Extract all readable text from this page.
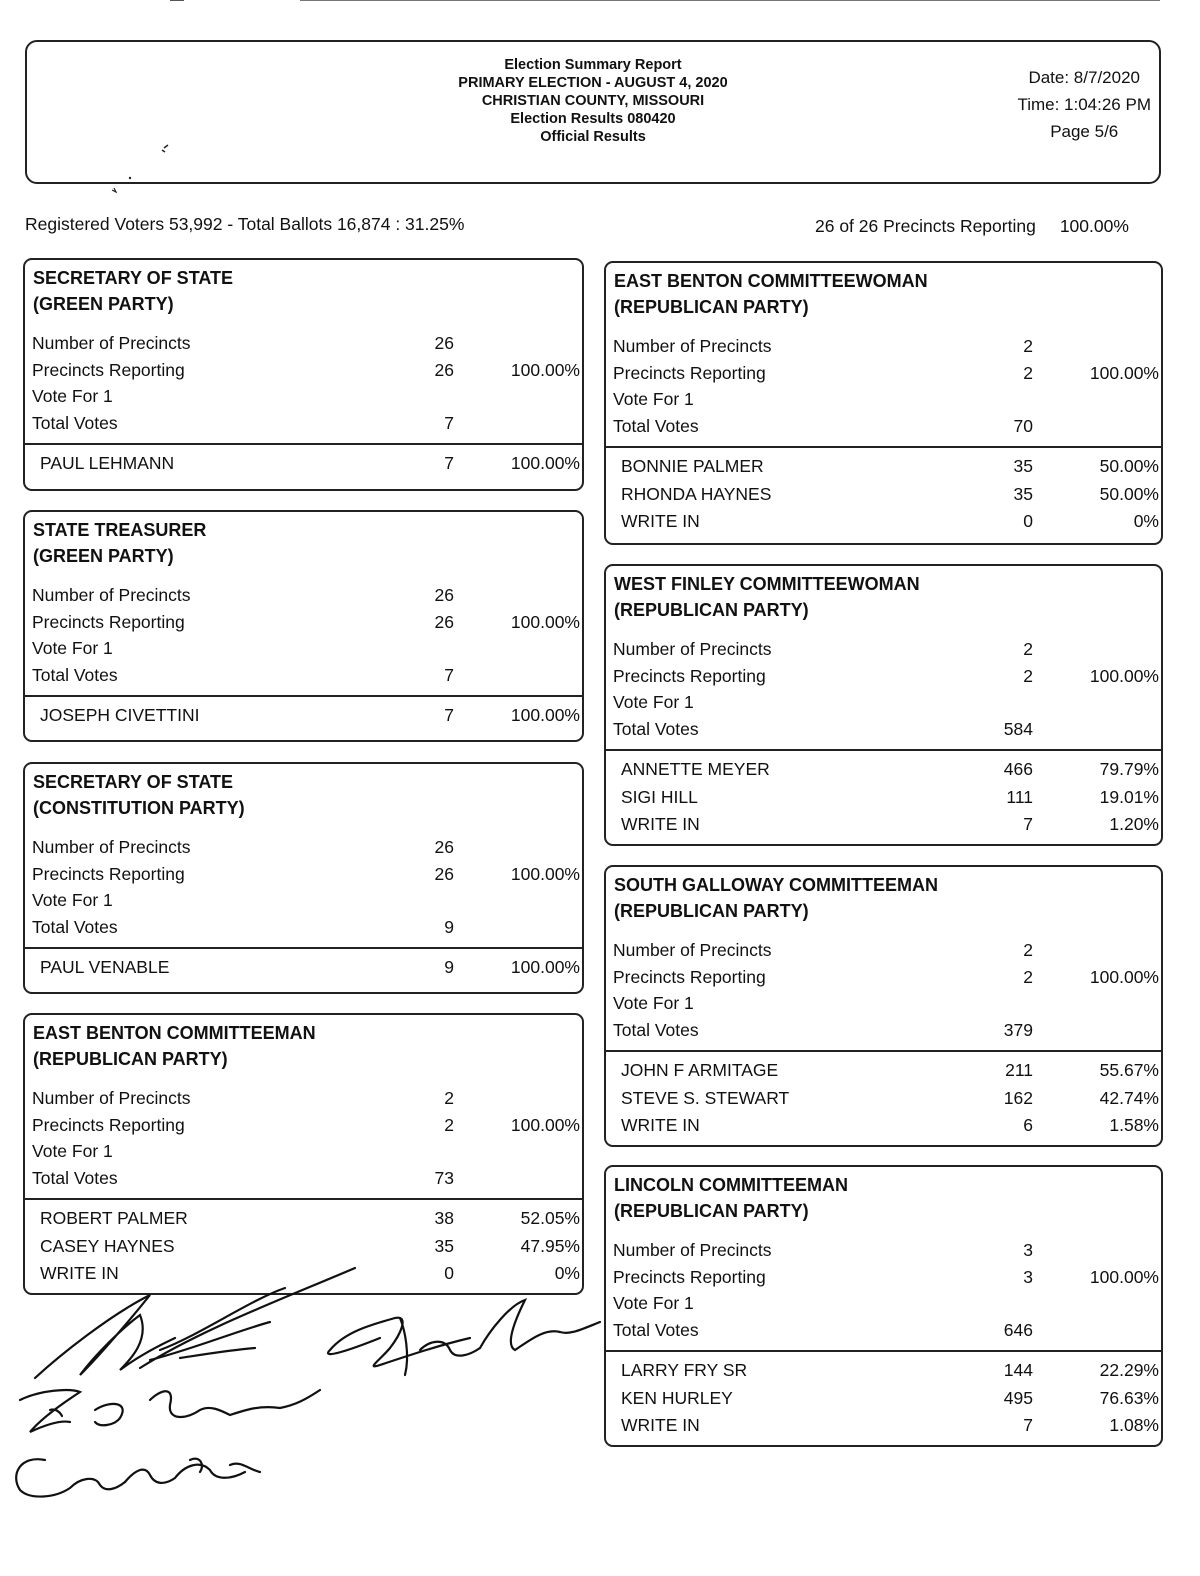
Election Summary Report
PRIMARY ELECTION - AUGUST 4, 2020
CHRISTIAN COUNTY, MISSOURI
Election Results 080420
Official Results
Date: 8/7/2020
Time: 1:04:26 PM
Page 5/6
Registered Voters 53,992 - Total Ballots 16,874 : 31.25%	26 of 26 Precincts Reporting 100.00%
SECRETARY OF STATE
(GREEN PARTY)
Number of Precincts	26
Precincts Reporting	26	100.00%
Vote For 1
Total Votes	7
PAUL LEHMANN	7	100.00%
STATE TREASURER
(GREEN PARTY)
Number of Precincts	26
Precincts Reporting	26	100.00%
Vote For 1
Total Votes	7
JOSEPH CIVETTINI	7	100.00%
SECRETARY OF STATE
(CONSTITUTION PARTY)
Number of Precincts	26
Precincts Reporting	26	100.00%
Vote For 1
Total Votes	9
PAUL VENABLE	9	100.00%
EAST BENTON COMMITTEEMAN
(REPUBLICAN PARTY)
Number of Precincts	2
Precincts Reporting	2	100.00%
Vote For 1
Total Votes	73
ROBERT PALMER	38	52.05%
CASEY HAYNES	35	47.95%
WRITE IN	0	0%
EAST BENTON COMMITTEEWOMAN
(REPUBLICAN PARTY)
Number of Precincts	2
Precincts Reporting	2	100.00%
Vote For 1
Total Votes	70
BONNIE PALMER	35	50.00%
RHONDA HAYNES	35	50.00%
WRITE IN	0	0%
WEST FINLEY COMMITTEEWOMAN
(REPUBLICAN PARTY)
Number of Precincts	2
Precincts Reporting	2	100.00%
Vote For 1
Total Votes	584
ANNETTE MEYER	466	79.79%
SIGI HILL	111	19.01%
WRITE IN	7	1.20%
SOUTH GALLOWAY COMMITTEEMAN
(REPUBLICAN PARTY)
Number of Precincts	2
Precincts Reporting	2	100.00%
Vote For 1
Total Votes	379
JOHN F ARMITAGE	211	55.67%
STEVE S. STEWART	162	42.74%
WRITE IN	6	1.58%
LINCOLN COMMITTEEMAN
(REPUBLICAN PARTY)
Number of Precincts	3
Precincts Reporting	3	100.00%
Vote For 1
Total Votes	646
LARRY FRY SR	144	22.29%
KEN HURLEY	495	76.63%
WRITE IN	7	1.08%
